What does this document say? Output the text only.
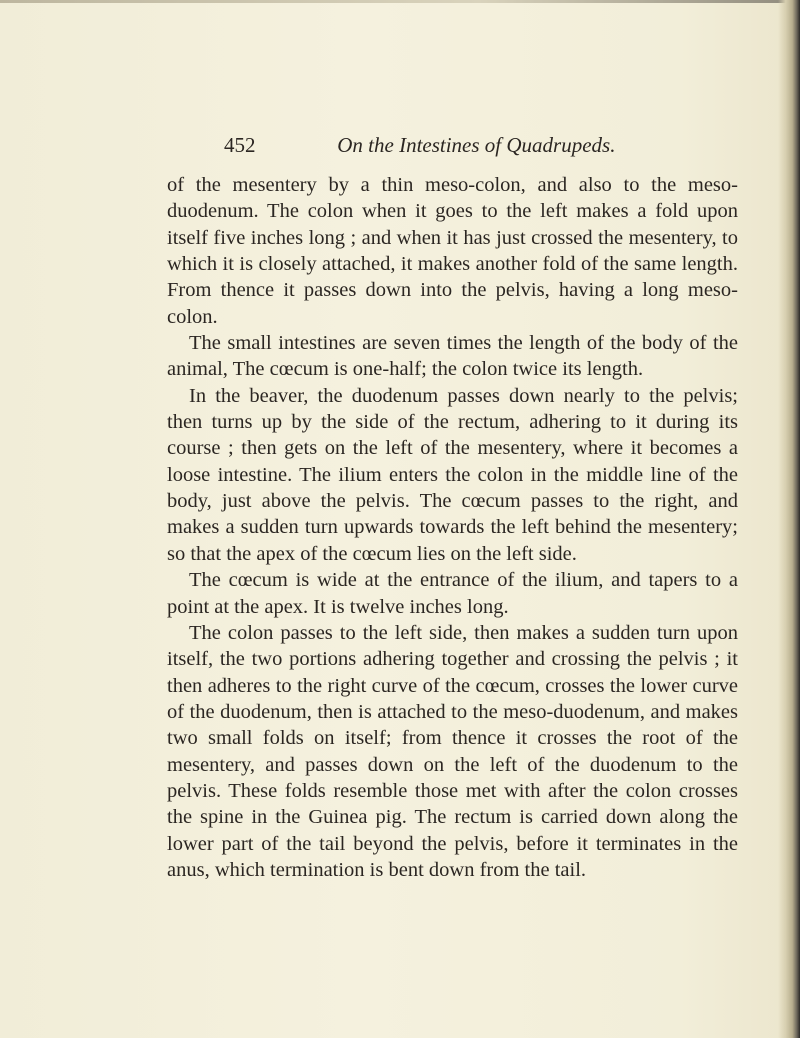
452	On the Intestines of Quadrupeds.

of the mesentery by a thin meso-colon, and also to the meso-duodenum. The colon when it goes to the left makes a fold upon itself five inches long ; and when it has just crossed the mesentery, to which it is closely attached, it makes another fold of the same length. From thence it passes down into the pelvis, having a long meso-colon.

The small intestines are seven times the length of the body of the animal, The cœcum is one-half; the colon twice its length.

In the beaver, the duodenum passes down nearly to the pelvis; then turns up by the side of the rectum, adhering to it during its course ; then gets on the left of the mesentery, where it becomes a loose intestine. The ilium enters the colon in the middle line of the body, just above the pelvis. The cœcum passes to the right, and makes a sudden turn upwards towards the left behind the mesentery; so that the apex of the cœcum lies on the left side.

The cœcum is wide at the entrance of the ilium, and tapers to a point at the apex. It is twelve inches long.

The colon passes to the left side, then makes a sudden turn upon itself, the two portions adhering together and crossing the pelvis ; it then adheres to the right curve of the cœcum, crosses the lower curve of the duodenum, then is attached to the meso-duodenum, and makes two small folds on itself; from thence it crosses the root of the mesentery, and passes down on the left of the duodenum to the pelvis. These folds resemble those met with after the colon crosses the spine in the Guinea pig. The rectum is carried down along the lower part of the tail beyond the pelvis, before it terminates in the anus, which termination is bent down from the tail.
